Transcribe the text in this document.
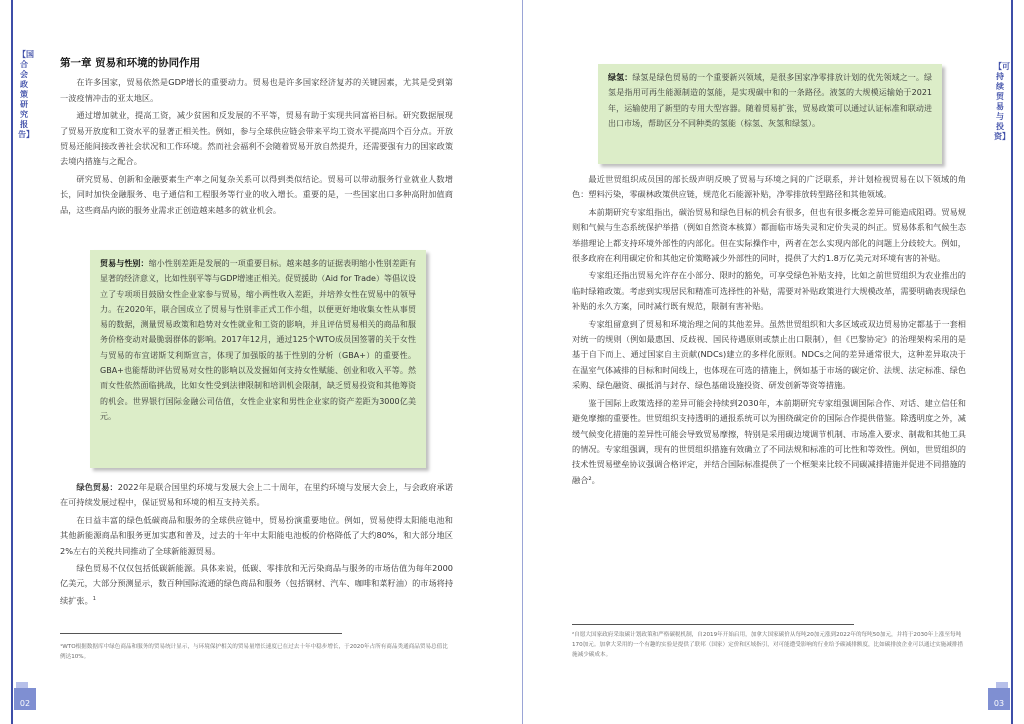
【国合会政策研究报告】
【可持续贸易与投资】
02	03
第一章 贸易和环境的协同作用

在许多国家，贸易依然是GDP增长的重要动力。贸易也是许多国家经济复苏的关键因素，尤其是受到第一波疫情冲击的亚太地区。

通过增加就业，提高工资，减少贫困和反发展的不平等，贸易有助于实现共同富裕目标。研究数据展现了贸易开放度和工资水平的显著正相关性。例如，参与全球供应链会带来平均工资水平提高四个百分点。开放贸易还能间接改善社会状况和工作环境。然而社会福利不会随着贸易开放自然提升，还需要强有力的国家政策去境内措施与之配合。

研究贸易、创新和金融要素生产率之间复杂关系可以得到类似结论。贸易可以带动服务行业就业人数增长，同时加快金融服务、电子通信和工程服务等行业的收入增长。重要的是，一些国家出口多种高附加值商品，这些商品内嵌的服务业需求正创造越来越多的就业机会。

贸易与性别：缩小性别差距是发展的一项重要目标。越来越多的证据表明缩小性别差距有显著的经济意义，比如性别平等与GDP增速正相关。促贸援助（Aid for Trade）等倡议设立了专项项目鼓励女性企业家参与贸易，缩小两性收入差距，并培养女性在贸易中的领导力。在2020年，联合国成立了贸易与性别非正式工作小组，以便更好地收集女性从事贸易的数据，测量贸易政策和趋势对女性就业和工资的影响，并且评估贸易相关的商品和服务价格变动对最脆弱群体的影响。2017年12月，通过125个WTO成员国签署的关于女性与贸易的布宜诺斯艾利斯宣言，体现了加强版的基于性别的分析（GBA+）的重要性。GBA+也能帮助评估贸易对女性的影响以及发掘如何支持女性赋能、创业和收入平等。然而女性依然面临挑战，比如女性受到法律限制和培训机会限制，缺乏贸易投资和其他筹资的机会。世界银行国际金融公司估值，女性企业家和男性企业家的资产差距为3000亿美元。

绿色贸易：2022年是联合国里约环境与发展大会上二十周年，在里约环境与发展大会上，与会政府承诺在可持续发展过程中，保证贸易和环境的相互支持关系。

在日益丰富的绿色低碳商品和服务的全球供应链中，贸易扮演重要地位。例如，贸易使得太阳能电池和其他新能源商品和服务更加实惠和普及，过去的十年中太阳能电池板的价格降低了大约80%，和大部分地区2%左右的关税共同推动了全球新能源贸易。

绿色贸易不仅仅包括低碳新能源。具体来说，低碳、零排放和无污染商品与服务的市场估值为每年2000亿美元，大部分预测显示，数百种国际流通的绿色商品和服务（包括钢材、汽车、咖啡和菜籽油）的市场将持续扩张。$^1$

¹WTO根据数据库中绿色商品和服务的贸易统计显示，与环境保护相关的贸易量增长速度已在过去十年中稳步增长，于2020年占所有商品类通商品贸易总值比例达10%。
绿氢：绿氢是绿色贸易的一个重要新兴领域，是很多国家净零排放计划的优先领域之一。绿氢是指用可再生能源制造的氢能，是实现碳中和的一条路径。液氢的大规模运输始于2021年，运输使用了新型的专用大型容器。随着贸易扩张，贸易政策可以通过认证标准和联动进出口市场，帮助区分不同种类的氢能（棕氢、灰氢和绿氢）。

最近世贸组织成员国的部长级声明反映了贸易与环境之间的广泛联系，并计划检视贸易在以下领域的角色：塑料污染，零碳林政策供应链，规范化石能源补贴，净零排放转型路径和其他领域。

本前期研究专家组指出，碳治贸易和绿色目标的机会有很多，但也有很多概念差异可能造成阻碍。贸易规则和气候与生态系统保护举措（例如自然资本核算）都面临市场失灵和定价失灵的纠正。贸易体系和气候生态举措理论上都支持环境外部性的内部化。但在实际操作中，两者在怎么实现内部化的问题上分歧较大。例如，很多政府在利用碳定价和其他定价策略减少外部性的同时，提供了大约1.8万亿美元对环境有害的补贴。

专家组还指出贸易允许存在小部分、限时的豁免，可享受绿色补贴支持，比如之前世贸组织为农业推出的临时绿箱政策。考虑到实现居民和精准可选择性的补贴，需要对补贴政策进行大规模改革，需要明确表现绿色补贴的永久方案，同时减行既有规范，限制有害补贴。

专家组留意到了贸易和环境治理之间的其他差异。虽然世贸组织和大多区域或双边贸易协定都基于一套相对统一的规则（例如最惠国、反歧视、国民待遇原则或禁止出口限制），但《巴黎协定》的治理架构采用的是基于自下而上、通过国家自主贡献(NDCs)建立的多样化原则。NDCs之间的差异通常很大，这种差异取决于在温室气体减排的目标和时间线上，也体现在可选的措施上，例如基于市场的碳定价、法规、法定标准、绿色采购、绿色融资、碳抵消与封存、绿色基础设施投资、研发创新等资等措施。

鉴于国际上政策选择的差异可能会持续到2030年，本前期研究专家组强调国际合作、对话、建立信任和避免摩擦的重要性。世贸组织支持透明的通报系统可以为围绕碳定价的国际合作提供借鉴。除透明度之外，减缓气候变化措施的差异性可能会导致贸易摩擦，特别是采用碳边境调节机制、市场准入要求、制裁和其他工具的情况。专家组强调，现有的世贸组织措施有效确立了不同法规和标准的可比性和等效性。例如，世贸组织的技术性贸易壁垒协议强调合格评定，并结合国际标准提供了一个框架来比较不同碳减排措施并促进不同措施的融合²。

²自愿大国家政府采取碳计划政策和严格碳税机制，自2019年开始启用，加拿大国家碳价从每吨20加元涨到2022年的每吨50加元，并将于2030年上涨至每吨170加元。加拿大采用的一个有趣的实验是提供了联邦（国家）定价和区域指引，对可能遭受影响的行业给予碳减排额度，比如碳排放企业可以通过实施减排措施减少碳成本。
